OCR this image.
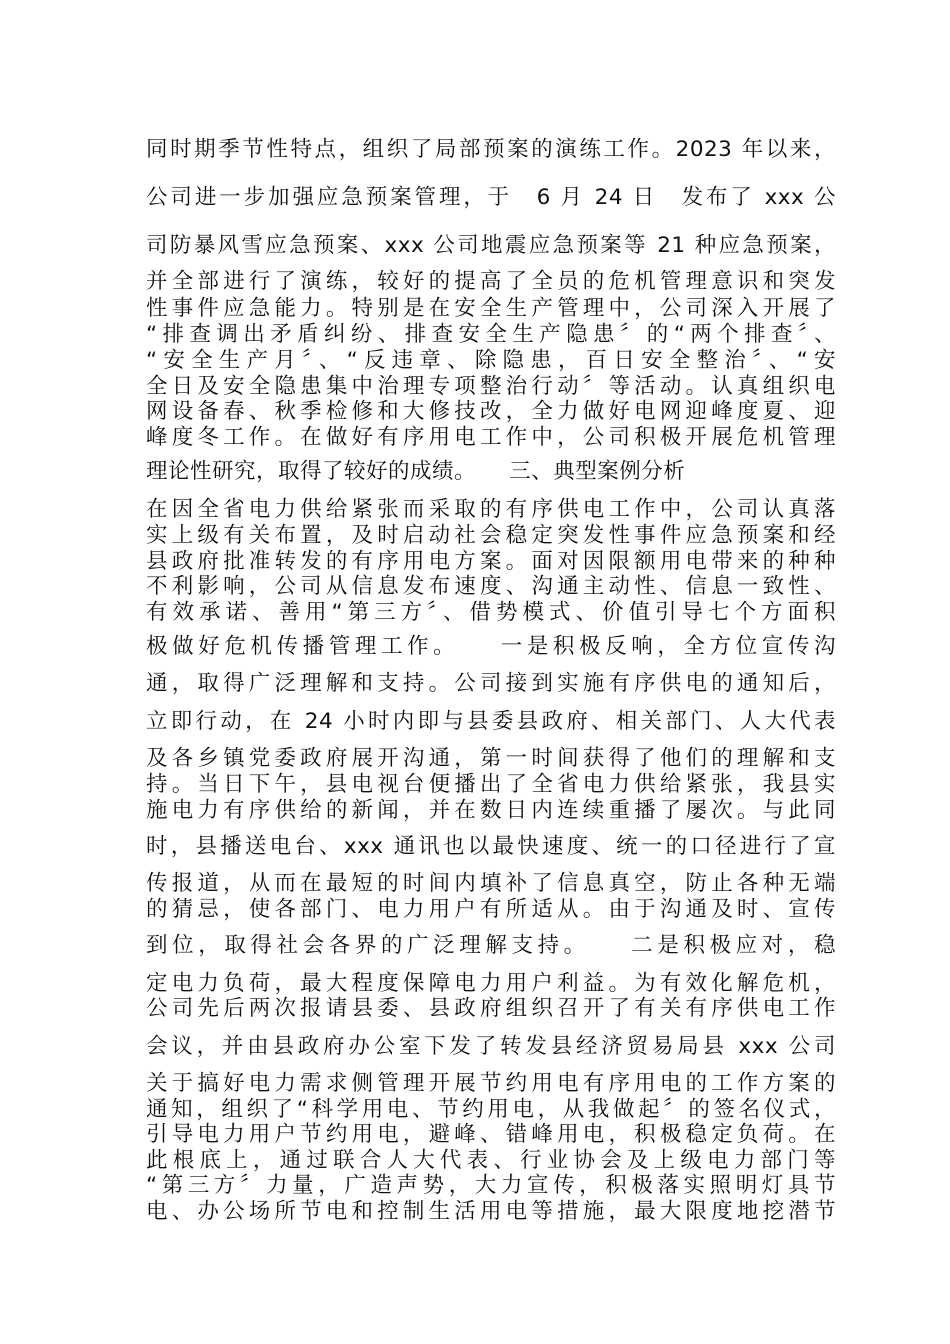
同时期季节性特点，组织了局部预案的演练工作。2023 年以来，
公司进一步加强应急预案管理，于　6 月 24 日　发布了 xxx 公
司防暴风雪应急预案、xxx 公司地震应急预案等 21 种应急预案，
并全部进行了演练，较好的提高了全员的危机管理意识和突发
性事件应急能力。特别是在安全生产管理中，公司深入开展了
“排查调出矛盾纠纷、排查安全生产隐患〞的“两个排查〞、
“安全生产月〞、“反违章、除隐患，百日安全整治〞、“安
全日及安全隐患集中治理专项整治行动〞等活动。认真组织电
网设备春、秋季检修和大修技改，全力做好电网迎峰度夏、迎
峰度冬工作。在做好有序用电工作中，公司积极开展危机管理
理论性研究，取得了较好的成绩。　　三、典型案例分析
在因全省电力供给紧张而采取的有序供电工作中，公司认真落
实上级有关布置，及时启动社会稳定突发性事件应急预案和经
县政府批准转发的有序用电方案。面对因限额用电带来的种种
不利影响，公司从信息发布速度、沟通主动性、信息一致性、
有效承诺、善用“第三方〞、借势模式、价值引导七个方面积
极做好危机传播管理工作。　　一是积极反响，全方位宣传沟
通，取得广泛理解和支持。公司接到实施有序供电的通知后，
立即行动，在 24 小时内即与县委县政府、相关部门、人大代表
及各乡镇党委政府展开沟通，第一时间获得了他们的理解和支
持。当日下午，县电视台便播出了全省电力供给紧张，我县实
施电力有序供给的新闻，并在数日内连续重播了屡次。与此同
时，县播送电台、xxx 通讯也以最快速度、统一的口径进行了宣
传报道，从而在最短的时间内填补了信息真空，防止各种无端
的猜忌，使各部门、电力用户有所适从。由于沟通及时、宣传
到位，取得社会各界的广泛理解支持。　　二是积极应对，稳
定电力负荷，最大程度保障电力用户利益。为有效化解危机，
公司先后两次报请县委、县政府组织召开了有关有序供电工作
会议，并由县政府办公室下发了转发县经济贸易局县 xxx 公司
关于搞好电力需求侧管理开展节约用电有序用电的工作方案的
通知，组织了“科学用电、节约用电，从我做起〞的签名仪式，
引导电力用户节约用电，避峰、错峰用电，积极稳定负荷。在
此根底上，通过联合人大代表、行业协会及上级电力部门等
“第三方〞力量，广造声势，大力宣传，积极落实照明灯具节
电、办公场所节电和控制生活用电等措施，最大限度地挖潜节
